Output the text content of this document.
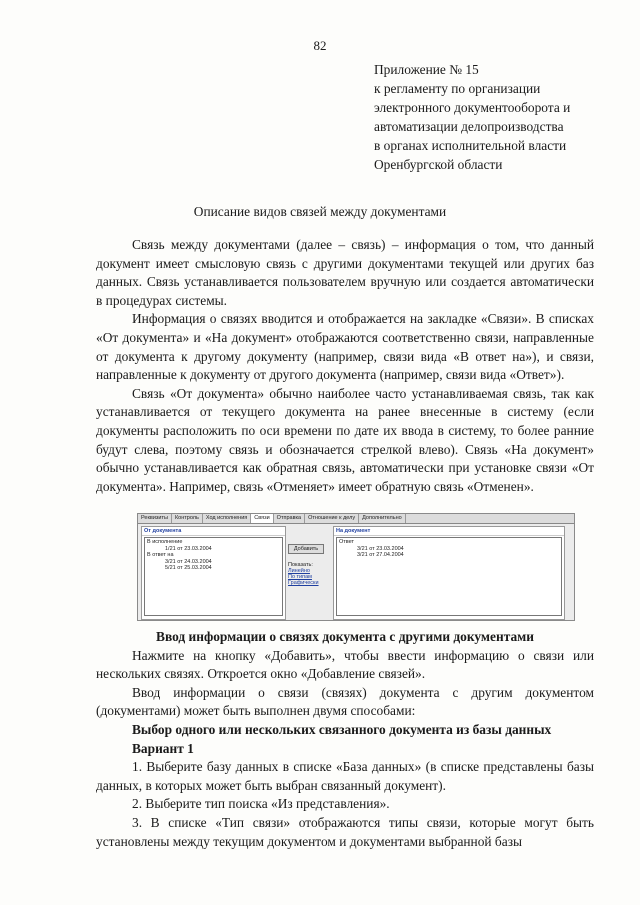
82
Приложение № 15
к регламенту по организации
электронного документооборота и
автоматизации делопроизводства
в органах исполнительной власти
Оренбургской области
Описание видов связей между документами

Связь между документами (далее – связь) – информация о том, что данный документ имеет смысловую связь с другими документами текущей или других баз данных. Связь устанавливается пользователем вручную или создается автоматически в процедурах системы.

Информация о связях вводится и отображается на закладке «Связи». В списках «От документа» и «На документ» отображаются соответственно связи, направленные от документа к другому документу (например, связи вида «В ответ на»), и связи, направленные к документу от другого документа (например, связи вида «Ответ»).

Связь «От документа» обычно наиболее часто устанавливаемая связь, так как устанавливается от текущего документа на ранее внесенные в систему (если документы расположить по оси времени по дате их ввода в систему, то более ранние будут слева, поэтому связь и обозначается стрелкой влево). Связь «На документ» обычно устанавливается как обратная связь, автоматически при установке связи «От документа». Например, связь «Отменяет» имеет обратную связь «Отменен».

Реквизиты	Контроль	Ход исполнения	Связи	Отправка	Отношение к делу	Дополнительно
От документа
В исполнение
1/21 от 23.03.2004
В ответ на
3/21 от 24.03.2004
5/21 от 25.03.2004
Добавить
Показать:
Линейно
По типам
Графически
На документ
Ответ
3/21 от 23.03.2004
3/21 от 27.04.2004

Ввод информации о связях документа с другими документами

Нажмите на кнопку «Добавить», чтобы ввести информацию о связи или нескольких связях. Откроется окно «Добавление связей».

Ввод информации о связи (связях) документа с другим документом (документами) может быть выполнен двумя способами:

Выбор одного или нескольких связанного документа из базы данных

Вариант 1

1. Выберите базу данных в списке «База данных» (в списке представлены базы данных, в которых может быть выбран связанный документ).

2. Выберите тип поиска «Из представления».

3. В списке «Тип связи» отображаются типы связи, которые могут быть установлены между текущим документом и документами выбранной базы
